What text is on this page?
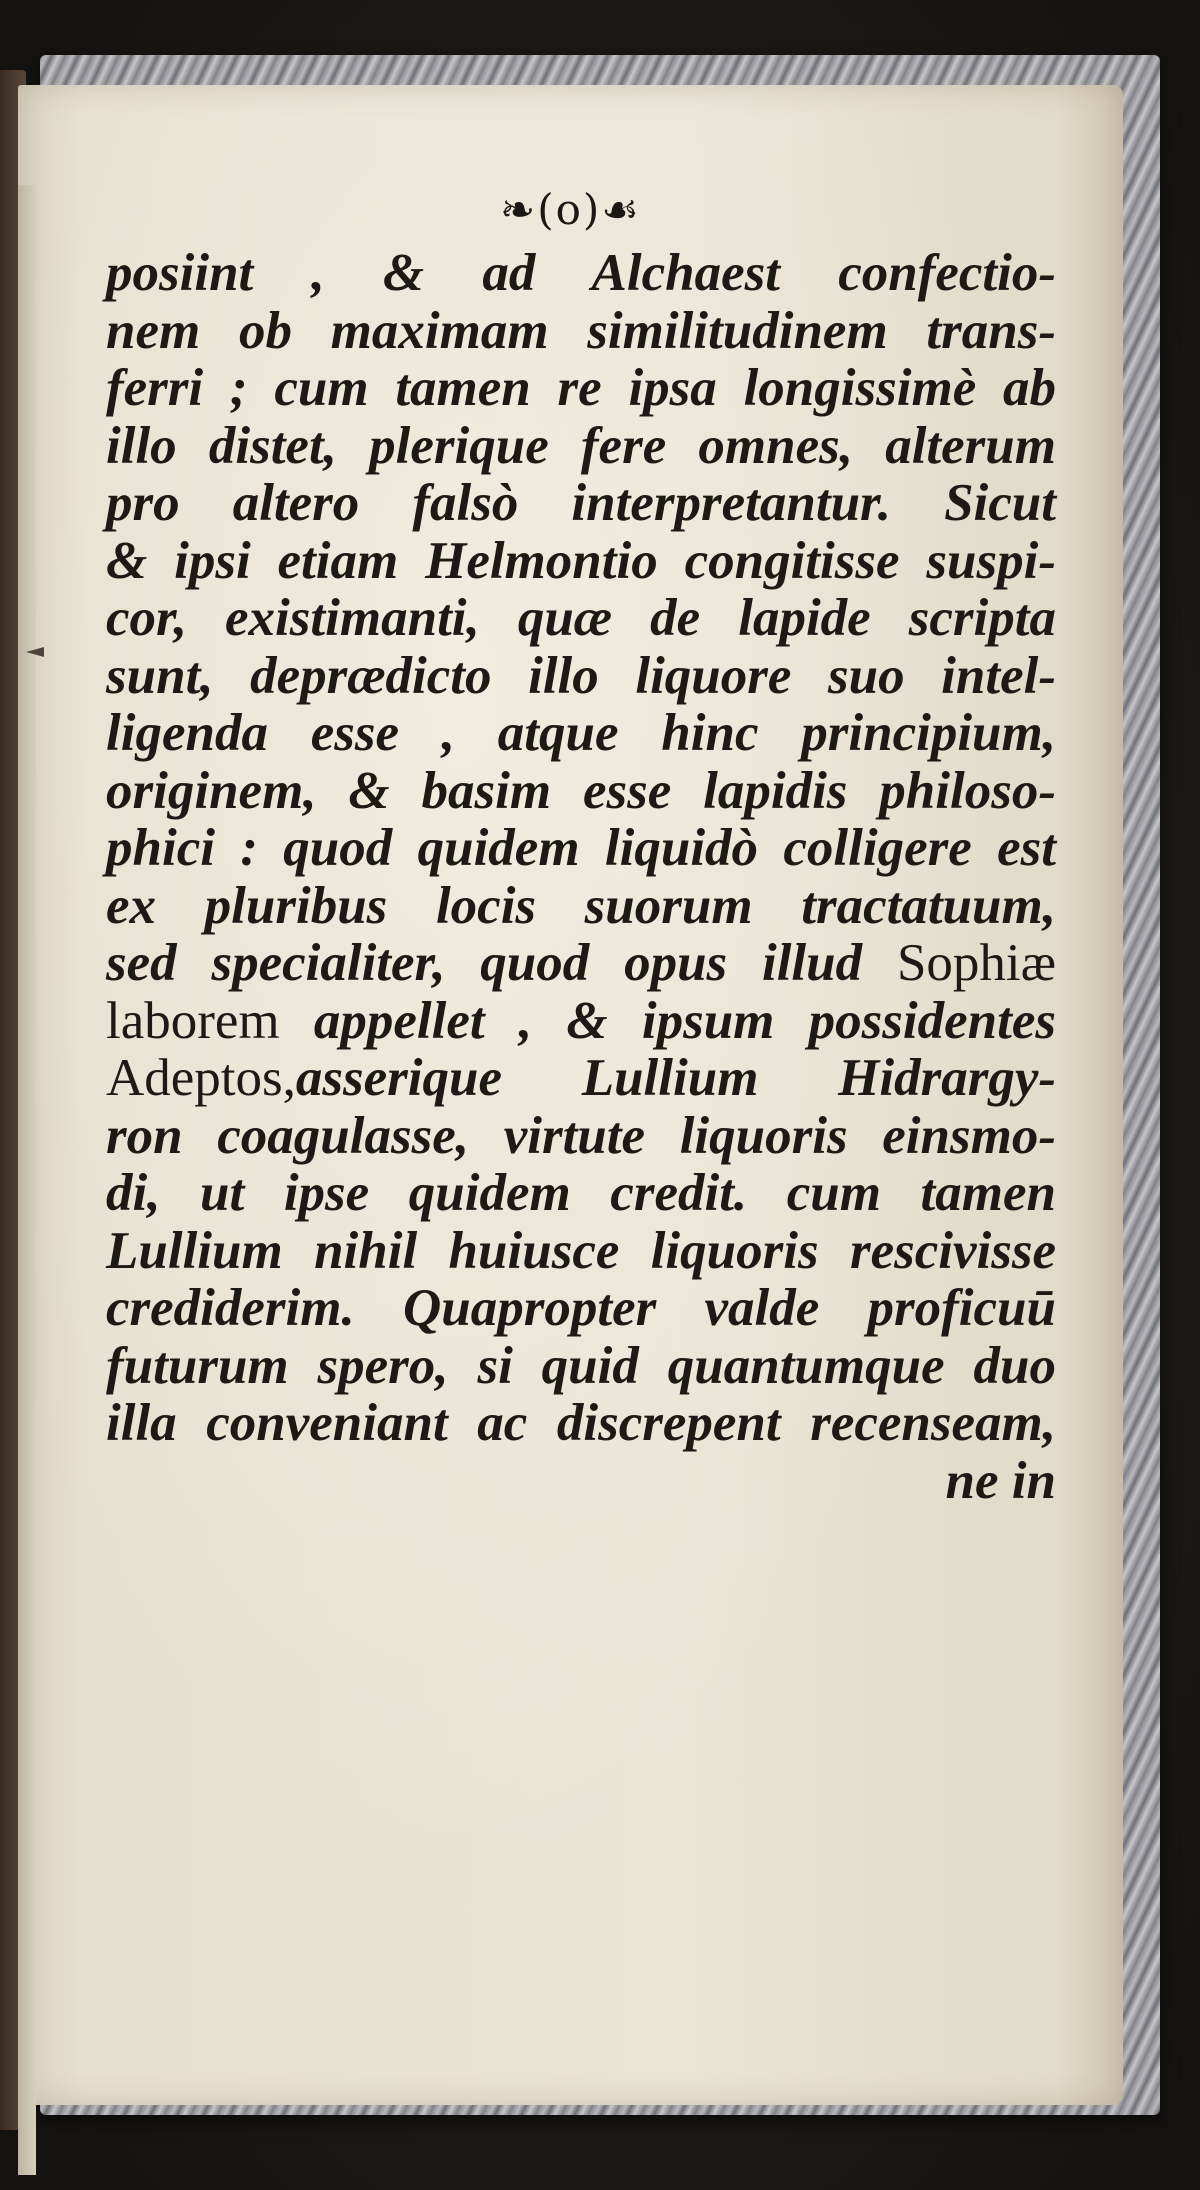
❧(o)☙
posiint , & ad Alchaest confectio-
nem ob maximam similitudinem trans-
ferri ; cum tamen re ipsa longissimè ab
illo distet, plerique fere omnes, alterum
pro altero falsò interpretantur. Sicut
& ipsi etiam Helmontio congitisse suspi-
cor, existimanti, quæ de lapide scripta
sunt, deprædicto illo liquore suo intel-
ligenda esse , atque hinc principium,
originem, & basim esse lapidis philoso-
phici : quod quidem liquidò colligere est
ex pluribus locis suorum tractatuum,
sed specialiter, quod opus illud Sophiæ
laborem appellet , & ipsum possidentes
Adeptos,asserique Lullium Hidrargy-
ron coagulasse, virtute liquoris einsmo-
di, ut ipse quidem credit. cum tamen
Lullium nihil huiusce liquoris rescivisse
crediderim. Quapropter valde proficuū
futurum spero, si quid quantumque duo
illa conveniant ac discrepent recenseam,
ne in
